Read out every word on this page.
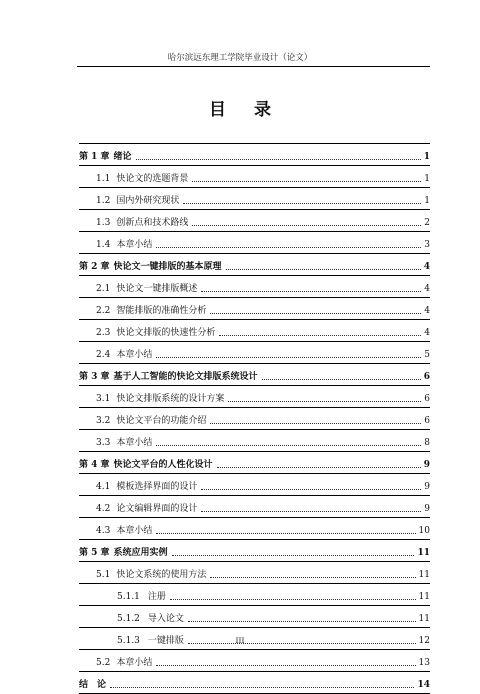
哈尔滨远东理工学院毕业设计（论文）
目 录
第 1 章 绪论	1
1.1 快论文的选题背景	1
1.2 国内外研究现状	1
1.3 创新点和技术路线	2
1.4 本章小结	3
第 2 章 快论文一键排版的基本原理	4
2.1 快论文一键排版概述	4
2.2 智能排版的准确性分析	4
2.3 快论文排版的快速性分析	4
2.4 本章小结	5
第 3 章 基于人工智能的快论文排版系统设计	6
3.1 快论文排版系统的设计方案	6
3.2 快论文平台的功能介绍	6
3.3 本章小结	8
第 4 章 快论文平台的人性化设计	9
4.1 模板选择界面的设计	9
4.2 论文编辑界面的设计	9
4.3 本章小结	10
第 5 章 系统应用实例	11
5.1 快论文系统的使用方法	11
5.1.1 注册	11
5.1.2 导入论文	11
5.1.3 一键排版	12
5.2 本章小结	13
结 论	14
III
